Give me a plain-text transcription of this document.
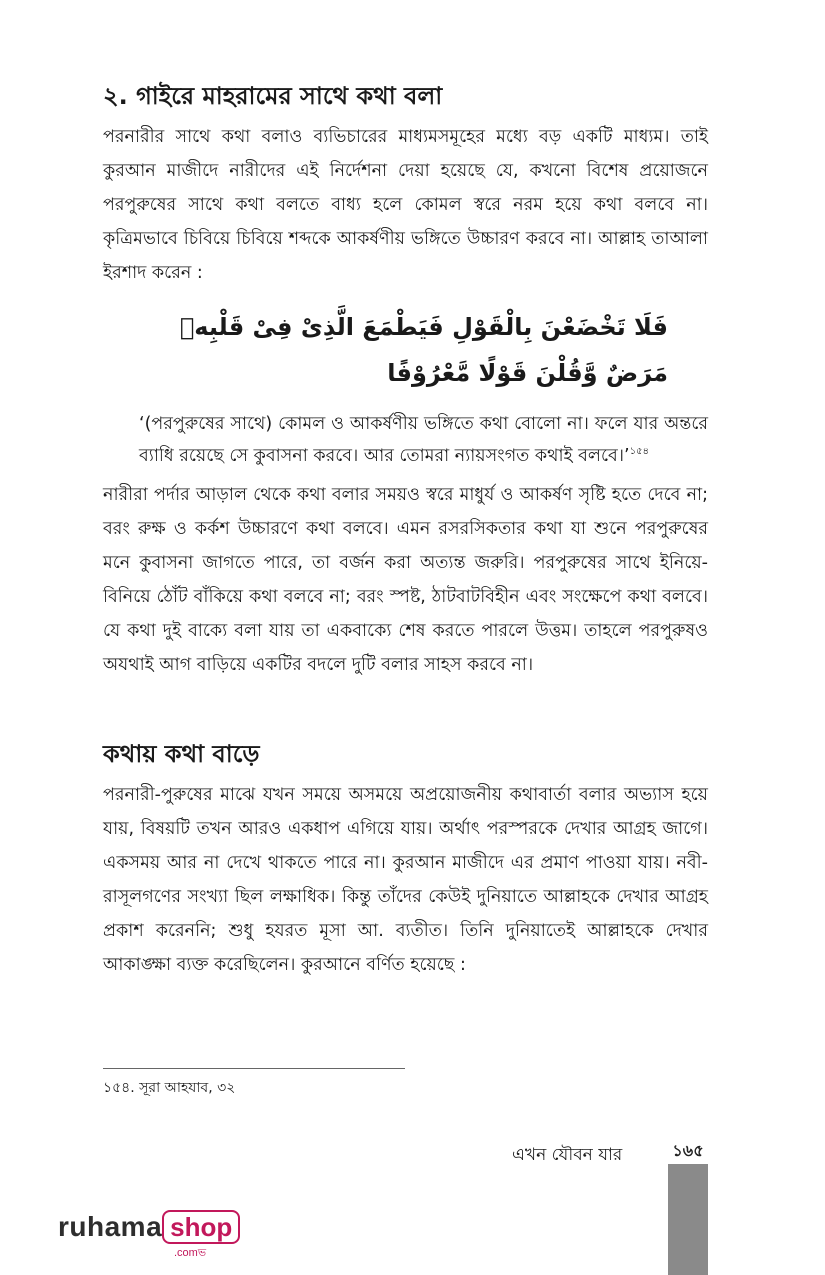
২. গাইরে মাহরামের সাথে কথা বলা

পরনারীর সাথে কথা বলাও ব্যভিচারের মাধ্যমসমূহের মধ্যে বড় একটি মাধ্যম। তাই কুরআন মাজীদে নারীদের এই নির্দেশনা দেয়া হয়েছে যে, কখনো বিশেষ প্রয়োজনে পরপুরুষের সাথে কথা বলতে বাধ্য হলে কোমল স্বরে নরম হয়ে কথা বলবে না। কৃত্রিমভাবে চিবিয়ে চিবিয়ে শব্দকে আকর্ষণীয় ভঙ্গিতে উচ্চারণ করবে না। আল্লাহ তাআলা ইরশাদ করেন :

فَلَا تَخْضَعْنَ بِالْقَوْلِ فَيَطْمَعَ الَّذِىْ فِىْ قَلْبِهٖ مَرَضٌ وَّقُلْنَ قَوْلًا مَّعْرُوْفًا

‘(পরপুরুষের সাথে) কোমল ও আকর্ষণীয় ভঙ্গিতে কথা বোলো না। ফলে যার অন্তরে ব্যাধি রয়েছে সে কুবাসনা করবে। আর তোমরা ন্যায়সংগত কথাই বলবে।’$^{১৫৪}$

নারীরা পর্দার আড়াল থেকে কথা বলার সময়ও স্বরে মাধুর্য ও আকর্ষণ সৃষ্টি হতে দেবে না; বরং রুক্ষ ও কর্কশ উচ্চারণে কথা বলবে। এমন রসরসিকতার কথা যা শুনে পরপুরুষের মনে কুবাসনা জাগতে পারে, তা বর্জন করা অত্যন্ত জরুরি। পরপুরুষের সাথে ইনিয়ে-বিনিয়ে ঠোঁট বাঁকিয়ে কথা বলবে না; বরং স্পষ্ট, ঠাটবাটবিহীন এবং সংক্ষেপে কথা বলবে। যে কথা দুই বাক্যে বলা যায় তা একবাক্যে শেষ করতে পারলে উত্তম। তাহলে পরপুরুষও অযথাই আগ বাড়িয়ে একটির বদলে দুটি বলার সাহস করবে না।

কথায় কথা বাড়ে

পরনারী-পুরুষের মাঝে যখন সময়ে অসময়ে অপ্রয়োজনীয় কথাবার্তা বলার অভ্যাস হয়ে যায়, বিষয়টি তখন আরও একধাপ এগিয়ে যায়। অর্থাৎ পরস্পরকে দেখার আগ্রহ জাগে। একসময় আর না দেখে থাকতে পারে না। কুরআন মাজীদে এর প্রমাণ পাওয়া যায়। নবী-রাসূলগণের সংখ্যা ছিল লক্ষাধিক। কিন্তু তাঁদের কেউই দুনিয়াতে আল্লাহকে দেখার আগ্রহ প্রকাশ করেননি; শুধু হযরত মূসা আ. ব্যতীত। তিনি দুনিয়াতেই আল্লাহকে দেখার আকাঙ্ক্ষা ব্যক্ত করেছিলেন। কুরআনে বর্ণিত হয়েছে :

১৫৪. সূরা আহযাব, ৩২
এখন যৌবন যার	১৬৫
ruhama shop
.comভ
